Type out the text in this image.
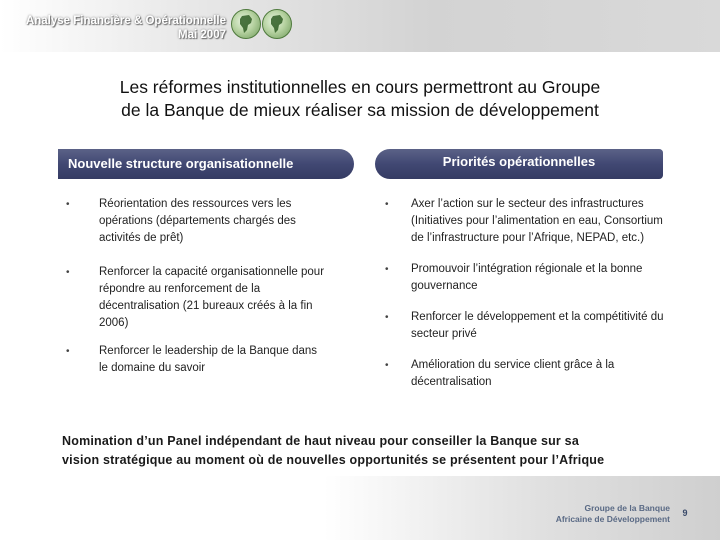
Analyse Financière & Opérationnelle
Mai 2007
Les réformes institutionnelles en cours permettront au Groupe
de la Banque de mieux réaliser sa mission de développement
Nouvelle structure organisationnelle	Priorités opérationnelles
•	Réorientation des ressources vers les opérations (départements chargés des activités de prêt)
•	Renforcer la capacité organisationnelle pour répondre au renforcement de la décentralisation (21 bureaux créés à la fin 2006)
•	Renforcer le leadership de la Banque dans le domaine du savoir
• Axer l’action sur le secteur des infrastructures (Initiatives pour l’alimentation en eau, Consortium de l’infrastructure pour l’Afrique, NEPAD, etc.)
• Promouvoir l’intégration régionale et la bonne gouvernance
• Renforcer le développement et la compétitivité du secteur privé
• Amélioration du service client grâce à la décentralisation
Nomination d’un Panel indépendant de haut niveau pour conseiller la Banque sur sa
vision stratégique au moment où de nouvelles opportunités se présentent pour l’Afrique
Groupe de la Banque
Africaine de Développement
9
